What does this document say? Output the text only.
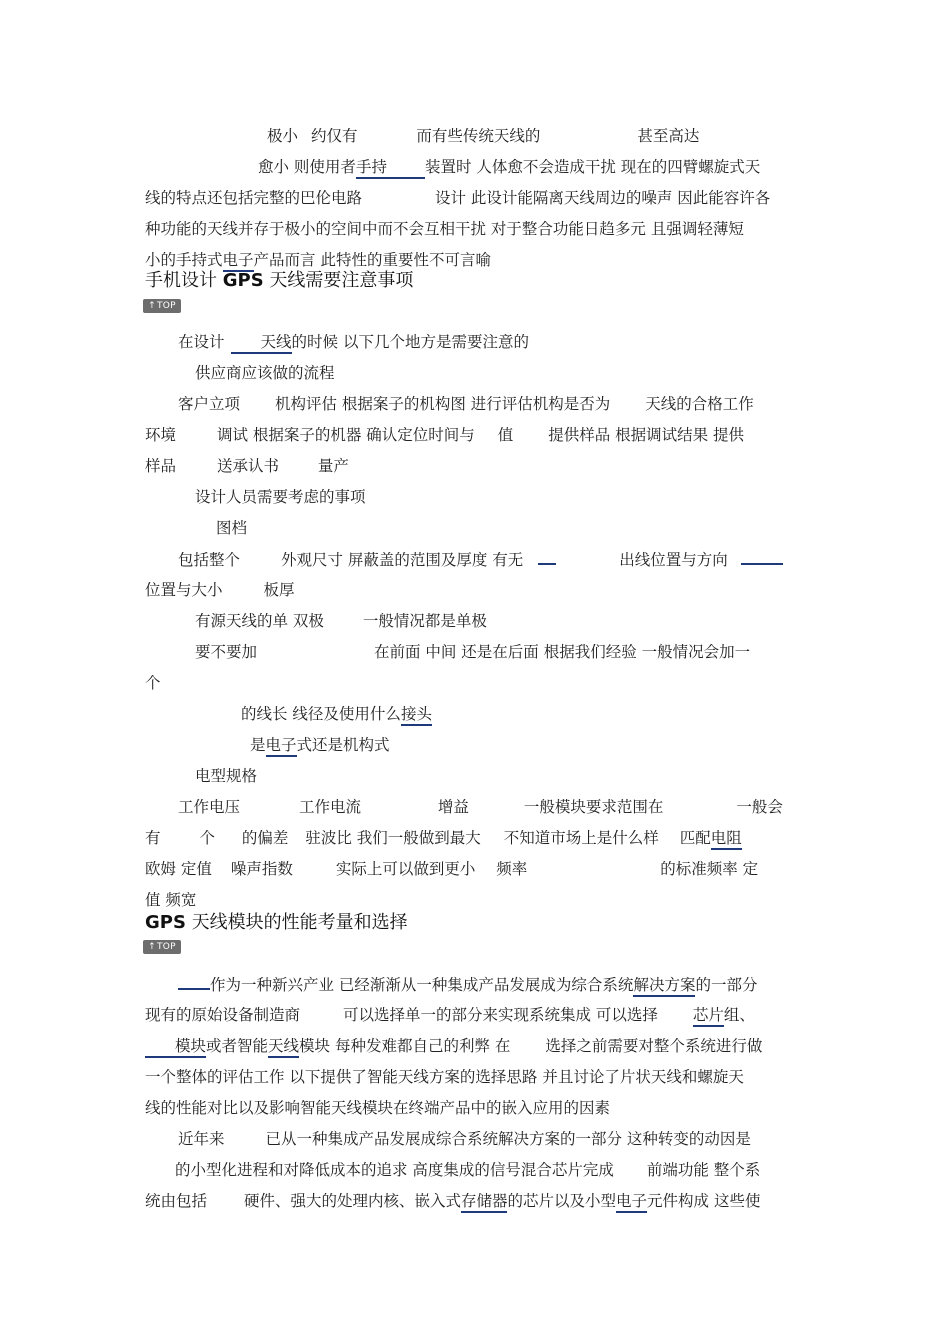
极小 约仅有	而有些传统天线的	甚至高达

愈小 则使用者手持 装置时 人体愈不会造成干扰 现在的四臂螺旋式天

线的特点还包括完整的巴伦电路	设计 此设计能隔离天线周边的噪声 因此能容许各

种功能的天线并存于极小的空间中而不会互相干扰 对于整合功能日趋多元 且强调轻薄短

小的手持式电子产品而言 此特性的重要性不可言喻

手机设计 GPS 天线需要注意事项
↑TOP

在设计 天线的时候 以下几个地方是需要注意的

供应商应该做的流程

客户立项 机构评估 根据案子的机构图 进行评估机构是否为 天线的合格工作

环境	调试 根据案子的机器 确认定位时间与 值 提供样品 根据调试结果 提供

样品	送承认书	量产

设计人员需要考虑的事项

图档

包括整个	外观尺寸 屏蔽盖的范围及厚度 有无	出线位置与方向

位置与大小	板厚

有源天线的单 双极	一般情况都是单极

要不要加	在前面 中间 还是在后面 根据我们经验 一般情况会加一

个

的线长 线径及使用什么接头

是电子式还是机构式

电型规格

工作电压	工作电流	增益	一般模块要求范围在	一般会

有	个 的偏差 驻波比 我们一般做到最大 不知道市场上是什么样 匹配电阻

欧姆 定值 噪声指数	实际上可以做到更小 频率	的标准频率 定

值 频宽

GPS 天线模块的性能考量和选择
↑TOP

作为一种新兴产业 已经渐渐从一种集成产品发展成为综合系统解决方案的一部分

现有的原始设备制造商	可以选择单一的部分来实现系统集成 可以选择 芯片组、

模块或者智能天线模块 每种发难都自己的利弊 在 选择之前需要对整个系统进行做

一个整体的评估工作 以下提供了智能天线方案的选择思路 并且讨论了片状天线和螺旋天

线的性能对比以及影响智能天线模块在终端产品中的嵌入应用的因素

近年来	已从一种集成产品发展成综合系统解决方案的一部分 这种转变的动因是

的小型化进程和对降低成本的追求 高度集成的信号混合芯片完成 前端功能 整个系

统由包括 硬件、强大的处理内核、嵌入式存储器的芯片以及小型电子元件构成 这些使
